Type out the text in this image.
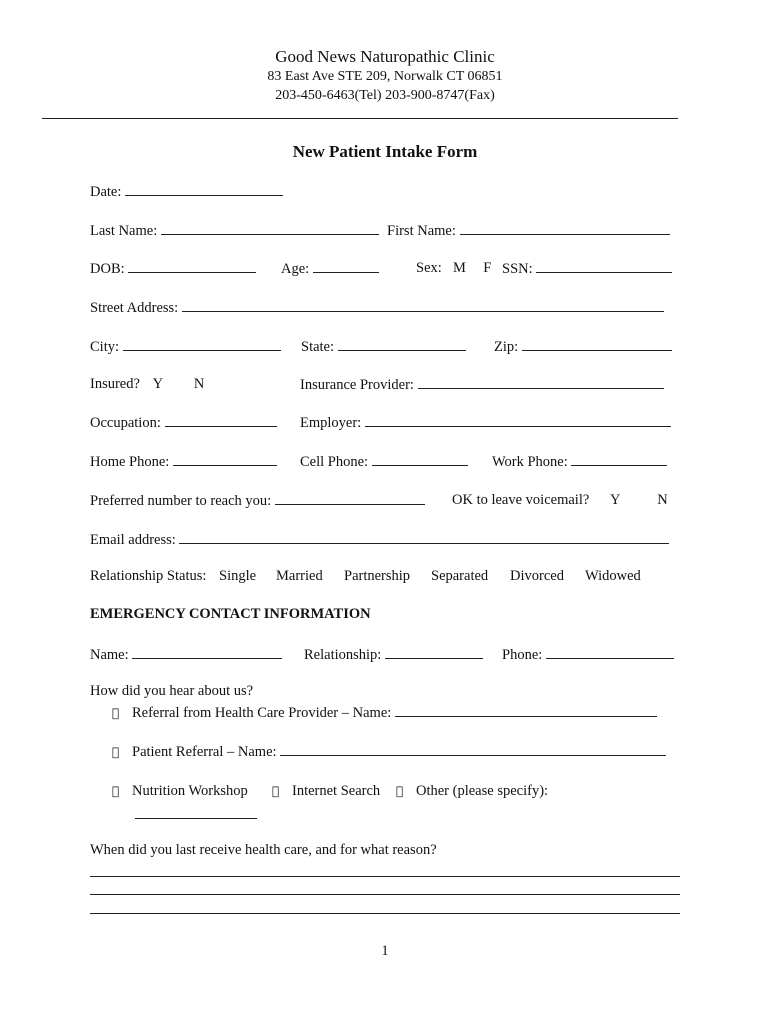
Good News Naturopathic Clinic
83 East Ave STE 209, Norwalk CT 06851
203-450-6463(Tel) 203-900-8747(Fax)
New Patient Intake Form
Date:
Last Name:	First Name:
DOB:	Age:	Sex: M F SSN:
Street Address:
City:	State:	Zip:
Insured? Y N	Insurance Provider:
Occupation:	Employer:
Home Phone:	Cell Phone:	Work Phone:
Preferred number to reach you:	OK to leave voicemail? Y	N
Email address:
Relationship Status: Single Married Partnership Separated Divorced Widowed
EMERGENCY CONTACT INFORMATION
Name:	Relationship:	Phone:
How did you hear about us?
Referral from Health Care Provider – Name:
Patient Referral – Name:
Nutrition Workshop	Internet Search	Other (please specify):
When did you last receive health care, and for what reason?
1
